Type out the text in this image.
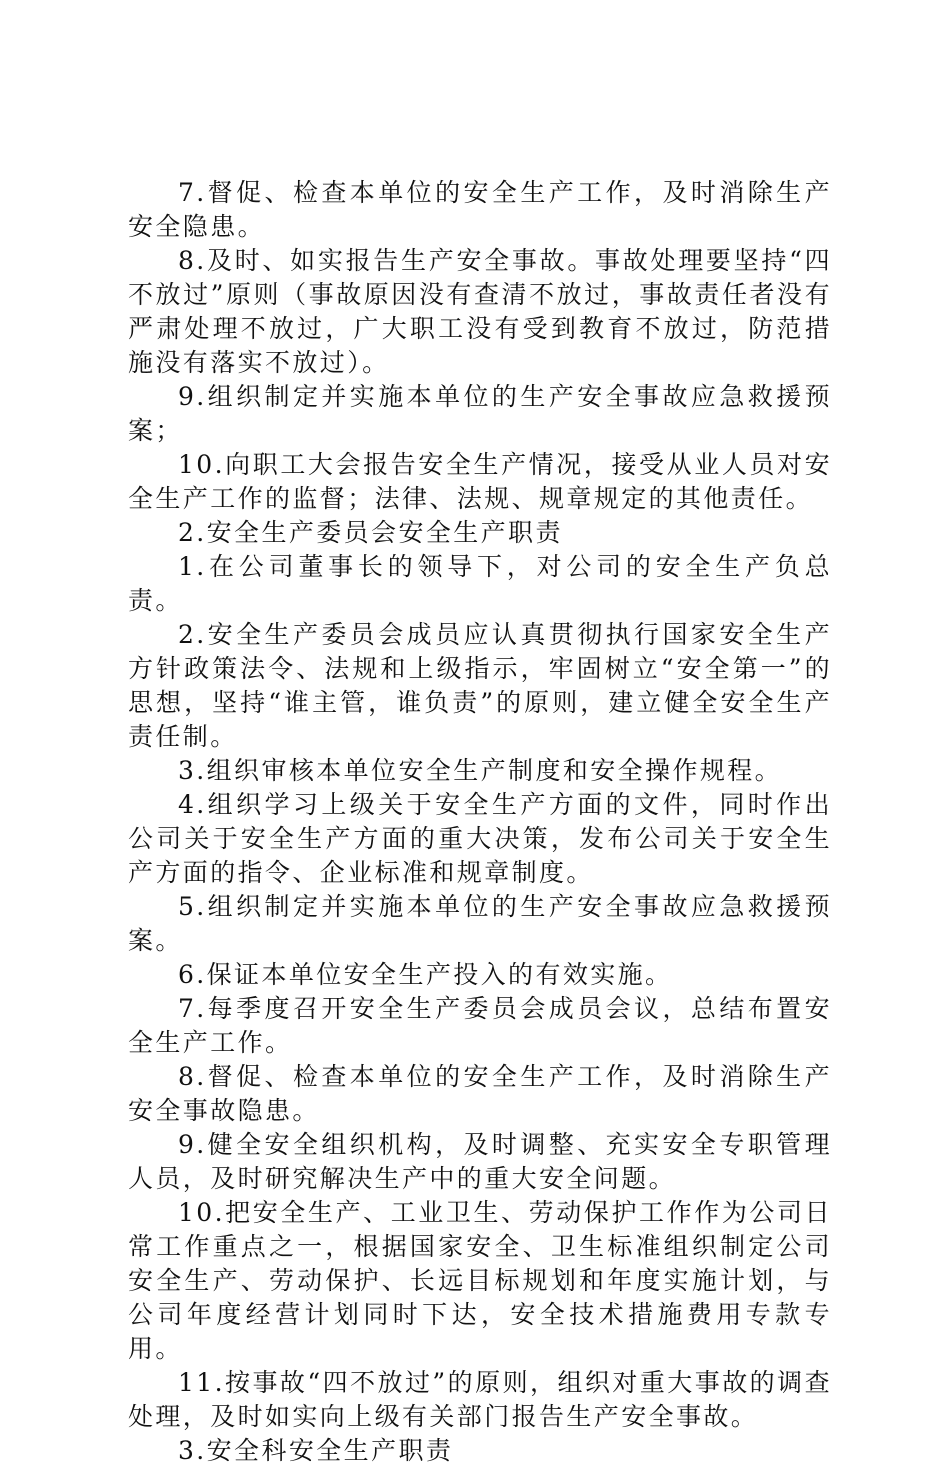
7.督促、检查本单位的安全生产工作，及时消除生产安全隐患。

8.及时、如实报告生产安全事故。事故处理要坚持“四不放过”原则（事故原因没有查清不放过，事故责任者没有严肃处理不放过，广大职工没有受到教育不放过，防范措施没有落实不放过）。

9.组织制定并实施本单位的生产安全事故应急救援预案；

10.向职工大会报告安全生产情况，接受从业人员对安全生产工作的监督；法律、法规、规章规定的其他责任。

2.安全生产委员会安全生产职责

1.在公司董事长的领导下，对公司的安全生产负总责。

2.安全生产委员会成员应认真贯彻执行国家安全生产方针政策法令、法规和上级指示，牢固树立“安全第一”的思想，坚持“谁主管，谁负责”的原则，建立健全安全生产责任制。

3.组织审核本单位安全生产制度和安全操作规程。

4.组织学习上级关于安全生产方面的文件，同时作出公司关于安全生产方面的重大决策，发布公司关于安全生产方面的指令、企业标准和规章制度。

5.组织制定并实施本单位的生产安全事故应急救援预案。

6.保证本单位安全生产投入的有效实施。

7.每季度召开安全生产委员会成员会议，总结布置安全生产工作。

8.督促、检查本单位的安全生产工作，及时消除生产安全事故隐患。

9.健全安全组织机构，及时调整、充实安全专职管理人员，及时研究解决生产中的重大安全问题。

10.把安全生产、工业卫生、劳动保护工作作为公司日常工作重点之一，根据国家安全、卫生标准组织制定公司安全生产、劳动保护、长远目标规划和年度实施计划，与公司年度经营计划同时下达，安全技术措施费用专款专用。

11.按事故“四不放过”的原则，组织对重大事故的调查处理，及时如实向上级有关部门报告生产安全事故。

3.安全科安全生产职责
